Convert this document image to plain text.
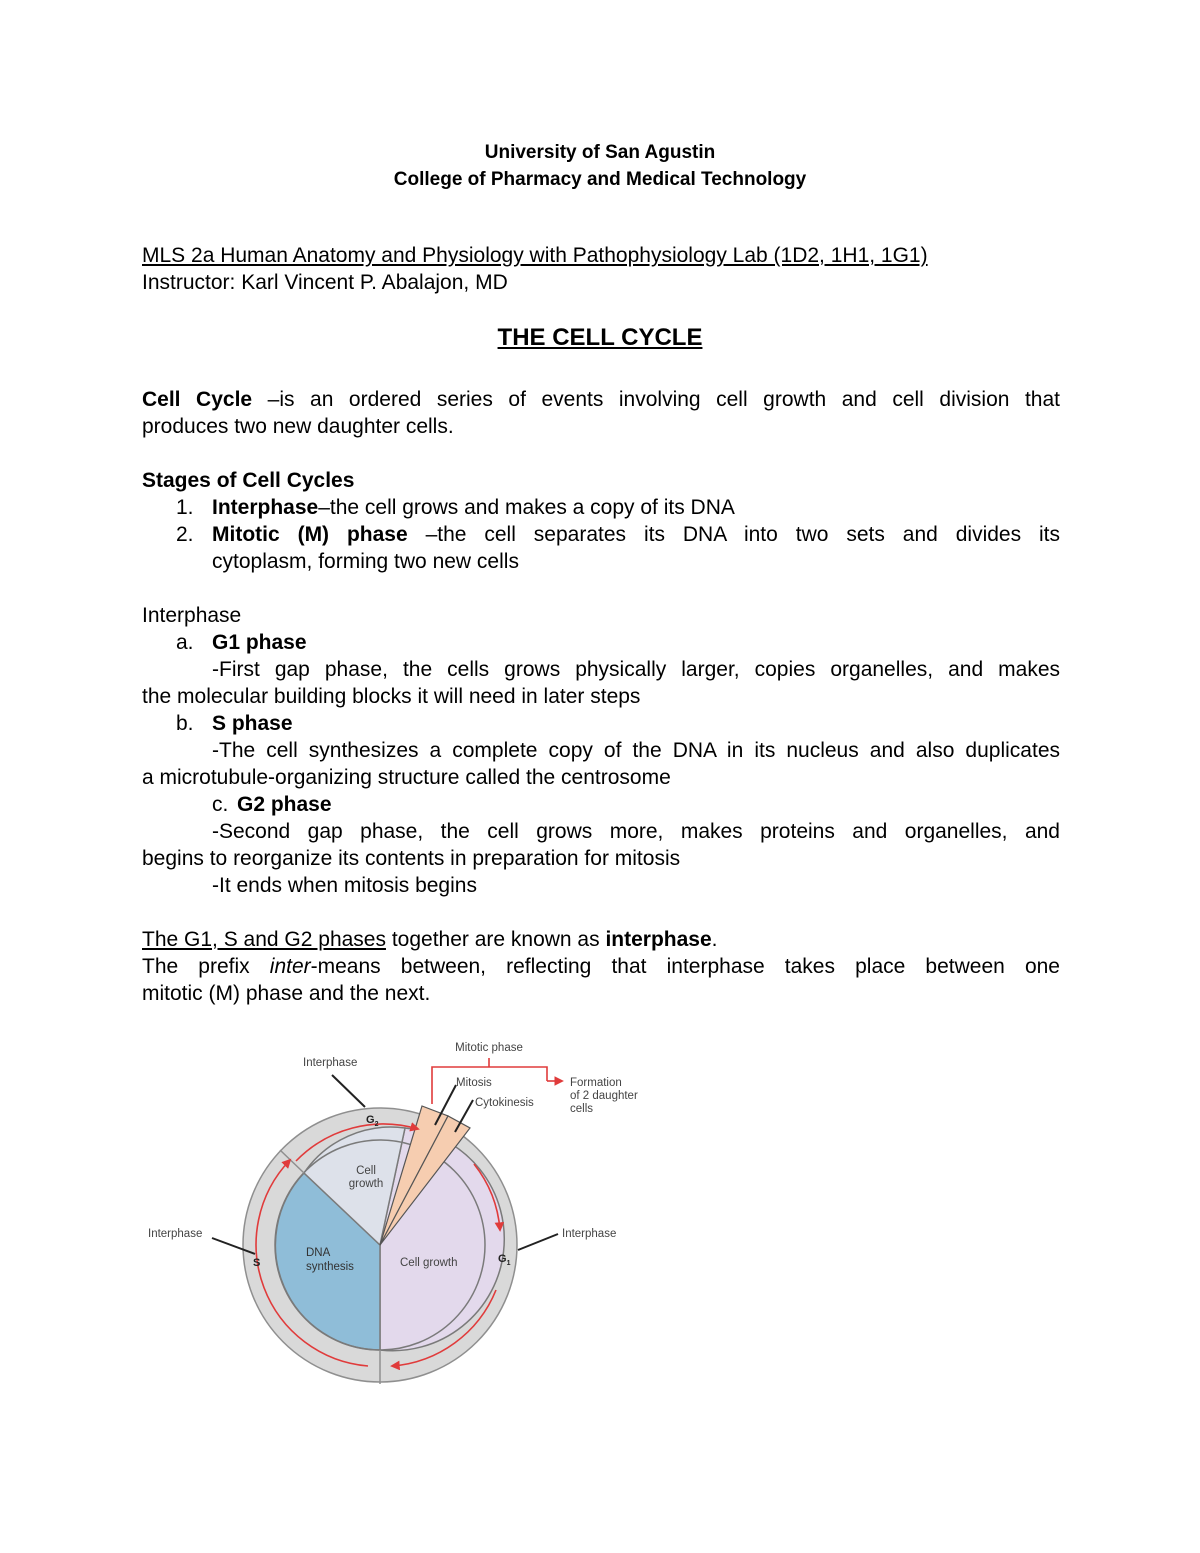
University of San Agustin
College of Pharmacy and Medical Technology
MLS 2a Human Anatomy and Physiology with Pathophysiology Lab (1D2, 1H1, 1G1)
Instructor: Karl Vincent P. Abalajon, MD
THE CELL CYCLE
Cell Cycle –is an ordered series of events involving cell growth and cell division that
produces two new daughter cells.
Stages of Cell Cycles
1. Interphase–the cell grows and makes a copy of its DNA
2. Mitotic (M) phase –the cell separates its DNA into two sets and divides its
cytoplasm, forming two new cells
Interphase
a. G1 phase
-First gap phase, the cells grows physically larger, copies organelles, and makes
the molecular building blocks it will need in later steps
b. S phase
-The cell synthesizes a complete copy of the DNA in its nucleus and also duplicates
a microtubule-organizing structure called the centrosome
c. G2 phase
-Second gap phase, the cell grows more, makes proteins and organelles, and
begins to reorganize its contents in preparation for mitosis
-It ends when mitosis begins
The G1, S and G2 phases together are known as interphase.
The prefix inter-means between, reflecting that interphase takes place between one
mitotic (M) phase and the next.
Mitotic phase
Mitosis
Cytokinesis
Formation
of 2 daughter
cells
Interphase
Interphase	Interphase
$G_2$
$G_1$
S
Cell
growth
DNA
synthesis	Cell growth
